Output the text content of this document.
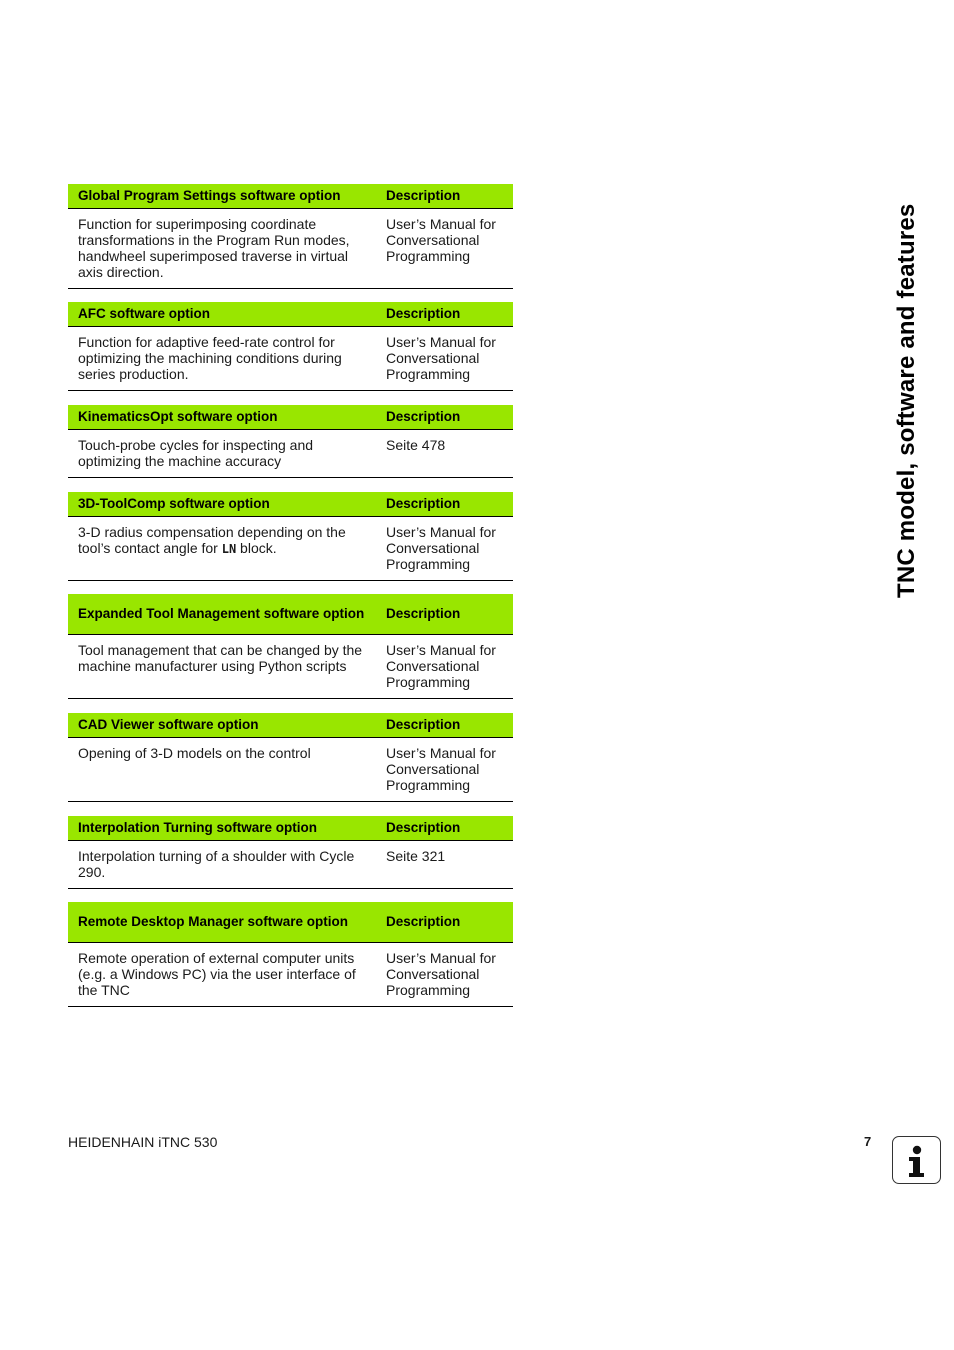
Global Program Settings software option	Description
Function for superimposing coordinate transformations in the Program Run modes, handwheel superimposed traverse in virtual axis direction.	User’s Manual for Conversational Programming
AFC software option	Description
Function for adaptive feed-rate control for optimizing the machining conditions during series production.	User’s Manual for Conversational Programming
KinematicsOpt software option	Description
Touch-probe cycles for inspecting and optimizing the machine accuracy	Seite 478
3D-ToolComp software option	Description
3-D radius compensation depending on the tool’s contact angle for LN block.	User’s Manual for Conversational Programming
Expanded Tool Management software option	Description
Tool management that can be changed by the machine manufacturer using Python scripts	User’s Manual for Conversational Programming
CAD Viewer software option	Description
Opening of 3-D models on the control	User’s Manual for Conversational Programming
Interpolation Turning software option	Description
Interpolation turning of a shoulder with Cycle 290.	Seite 321
Remote Desktop Manager software option	Description
Remote operation of external computer units (e.g. a Windows PC) via the user interface of the TNC	User’s Manual for Conversational Programming
TNC model, software and features
HEIDENHAIN iTNC 530	7
